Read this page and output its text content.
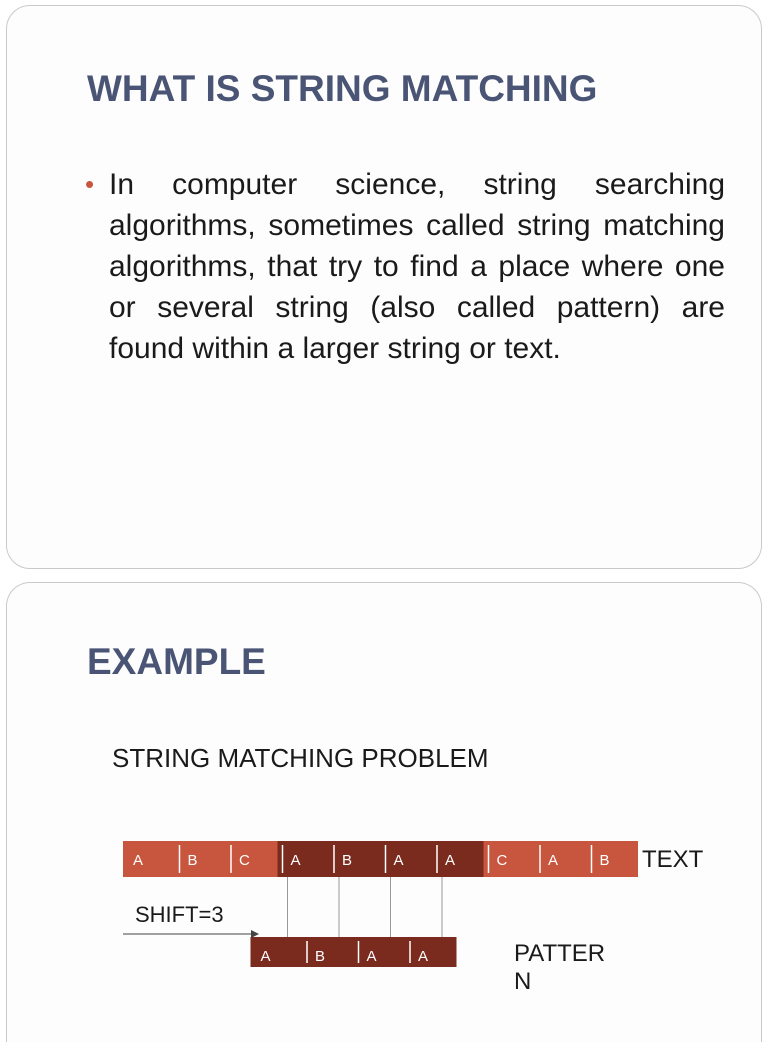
WHAT IS STRING MATCHING
• In computer science, string searching algorithms, sometimes called string matching algorithms, that try to find a place where one or several string (also called pattern) are found within a larger string or text.

EXAMPLE
STRING MATCHING PROBLEM
A	B	C	A	B	A	A	C	A	B
A	B	A	A
TEXT
SHIFT=3
PATTER
N
